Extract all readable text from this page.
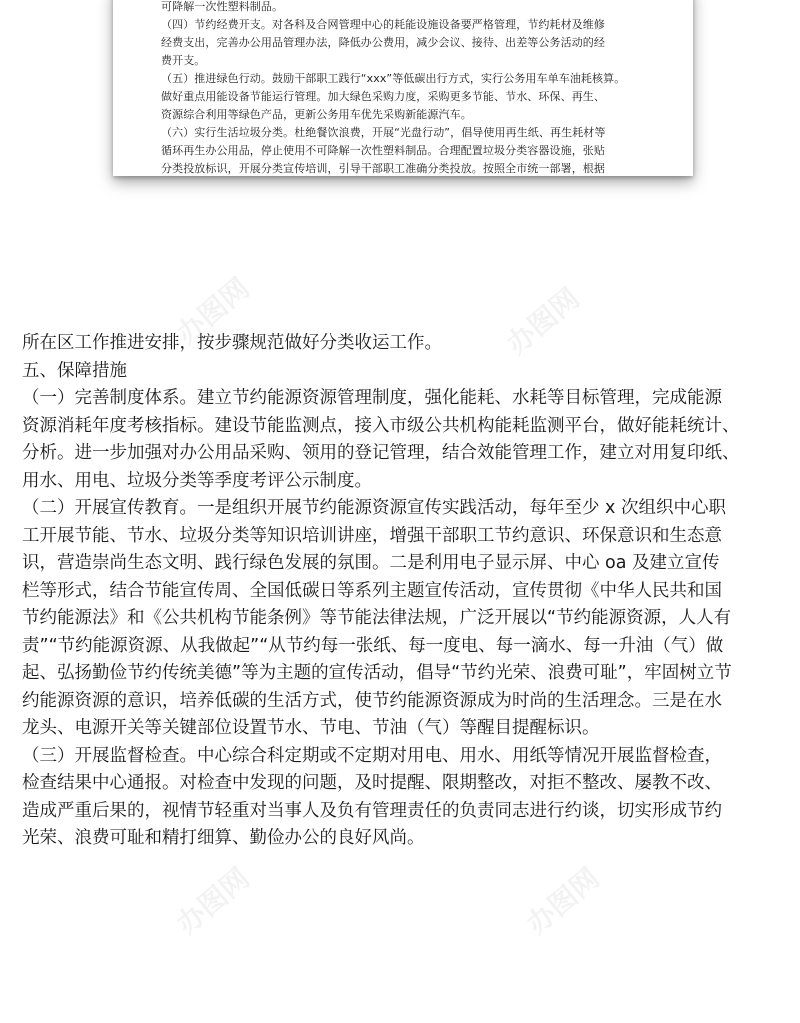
可降解一次性塑料制品。
（四）节约经费开支。对各科及合网管理中心的耗能设施设备要严格管理，节约耗材及维修
经费支出，完善办公用品管理办法，降低办公费用，减少会议、接待、出差等公务活动的经
费开支。
（五）推进绿色行动。鼓励干部职工践行“xxx”等低碳出行方式，实行公务用车单车油耗核算。
做好重点用能设备节能运行管理。加大绿色采购力度，采购更多节能、节水、环保、再生、
资源综合利用等绿色产品，更新公务用车优先采购新能源汽车。
（六）实行生活垃圾分类。杜绝餐饮浪费，开展“光盘行动”，倡导使用再生纸、再生耗材等
循环再生办公用品，停止使用不可降解一次性塑料制品。合理配置垃圾分类容器设施，张贴
分类投放标识，开展分类宣传培训，引导干部职工准确分类投放。按照全市统一部署，根据
办图网	办图网
办图网	办图网
所在区工作推进安排，按步骤规范做好分类收运工作。
五、保障措施
（一）完善制度体系。建立节约能源资源管理制度，强化能耗、水耗等目标管理，完成能源
资源消耗年度考核指标。建设节能监测点，接入市级公共机构能耗监测平台，做好能耗统计、
分析。进一步加强对办公用品采购、领用的登记管理，结合效能管理工作，建立对用复印纸、
用水、用电、垃圾分类等季度考评公示制度。
（二）开展宣传教育。一是组织开展节约能源资源宣传实践活动，每年至少 x 次组织中心职
工开展节能、节水、垃圾分类等知识培训讲座，增强干部职工节约意识、环保意识和生态意
识，营造崇尚生态文明、践行绿色发展的氛围。二是利用电子显示屏、中心 oa 及建立宣传
栏等形式，结合节能宣传周、全国低碳日等系列主题宣传活动，宣传贯彻《中华人民共和国
节约能源法》和《公共机构节能条例》等节能法律法规，广泛开展以“节约能源资源，人人有
责”“节约能源资源、从我做起”“从节约每一张纸、每一度电、每一滴水、每一升油（气）做
起、弘扬勤俭节约传统美德”等为主题的宣传活动，倡导“节约光荣、浪费可耻”，牢固树立节
约能源资源的意识，培养低碳的生活方式，使节约能源资源成为时尚的生活理念。三是在水
龙头、电源开关等关键部位设置节水、节电、节油（气）等醒目提醒标识。
（三）开展监督检查。中心综合科定期或不定期对用电、用水、用纸等情况开展监督检查，
检查结果中心通报。对检查中发现的问题，及时提醒、限期整改，对拒不整改、屡教不改、
造成严重后果的，视情节轻重对当事人及负有管理责任的负责同志进行约谈，切实形成节约
光荣、浪费可耻和精打细算、勤俭办公的良好风尚。
